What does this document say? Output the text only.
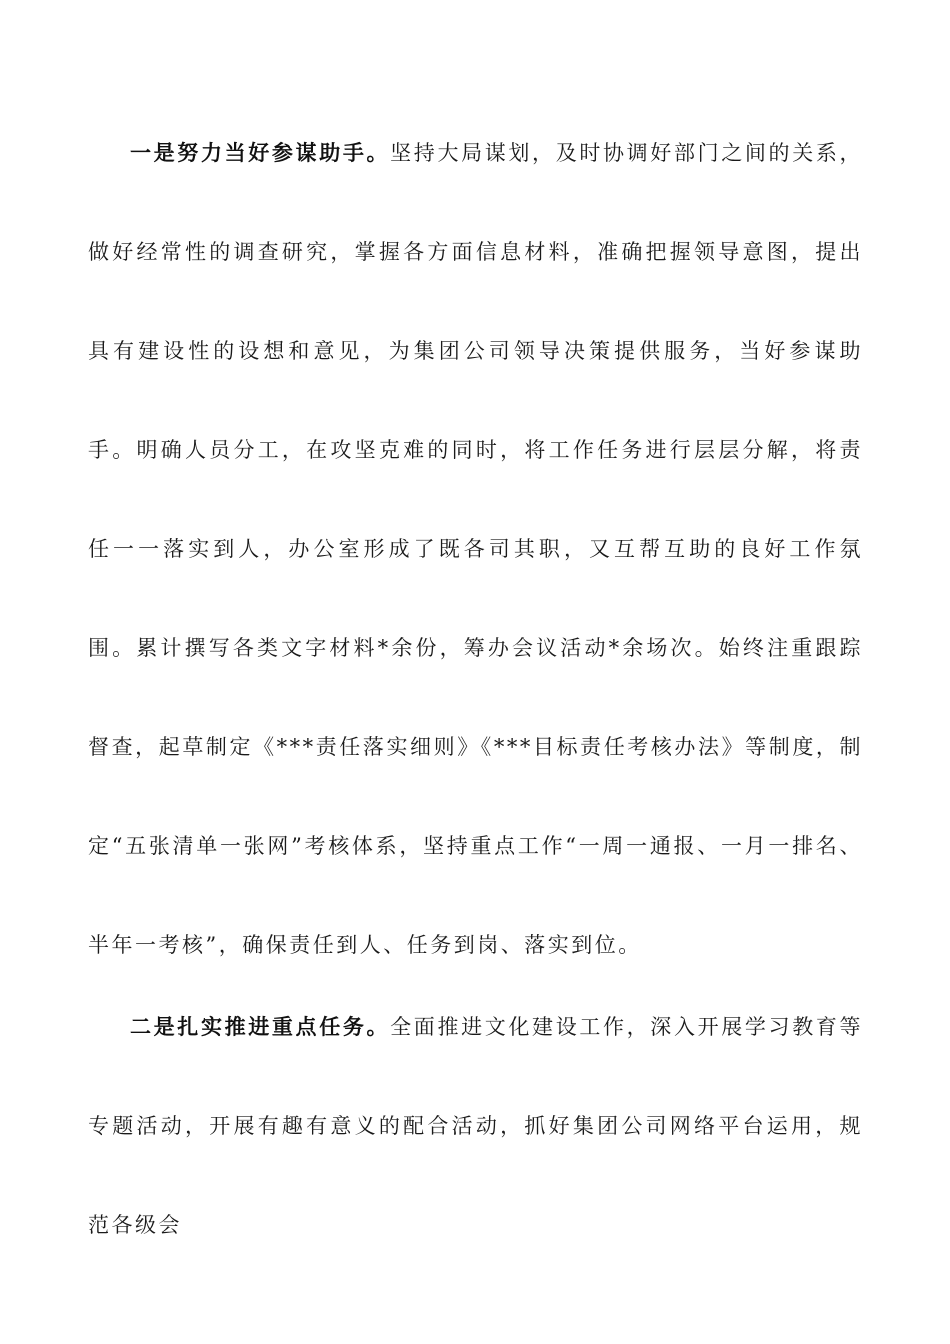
一是努力当好参谋助手。坚持大局谋划，及时协调好部门之间的关系，做好经常性的调查研究，掌握各方面信息材料，准确把握领导意图，提出具有建设性的设想和意见，为集团公司领导决策提供服务，当好参谋助手。明确人员分工，在攻坚克难的同时，将工作任务进行层层分解，将责任一一落实到人，办公室形成了既各司其职，又互帮互助的良好工作氛围。累计撰写各类文字材料*余份，筹办会议活动*余场次。始终注重跟踪督查，起草制定《***责任落实细则》《***目标责任考核办法》等制度，制定“五张清单一张网”考核体系，坚持重点工作“一周一通报、一月一排名、半年一考核”，确保责任到人、任务到岗、落实到位。

二是扎实推进重点任务。全面推进文化建设工作，深入开展学习教育等专题活动，开展有趣有意义的配合活动，抓好集团公司网络平台运用，规范各级会
